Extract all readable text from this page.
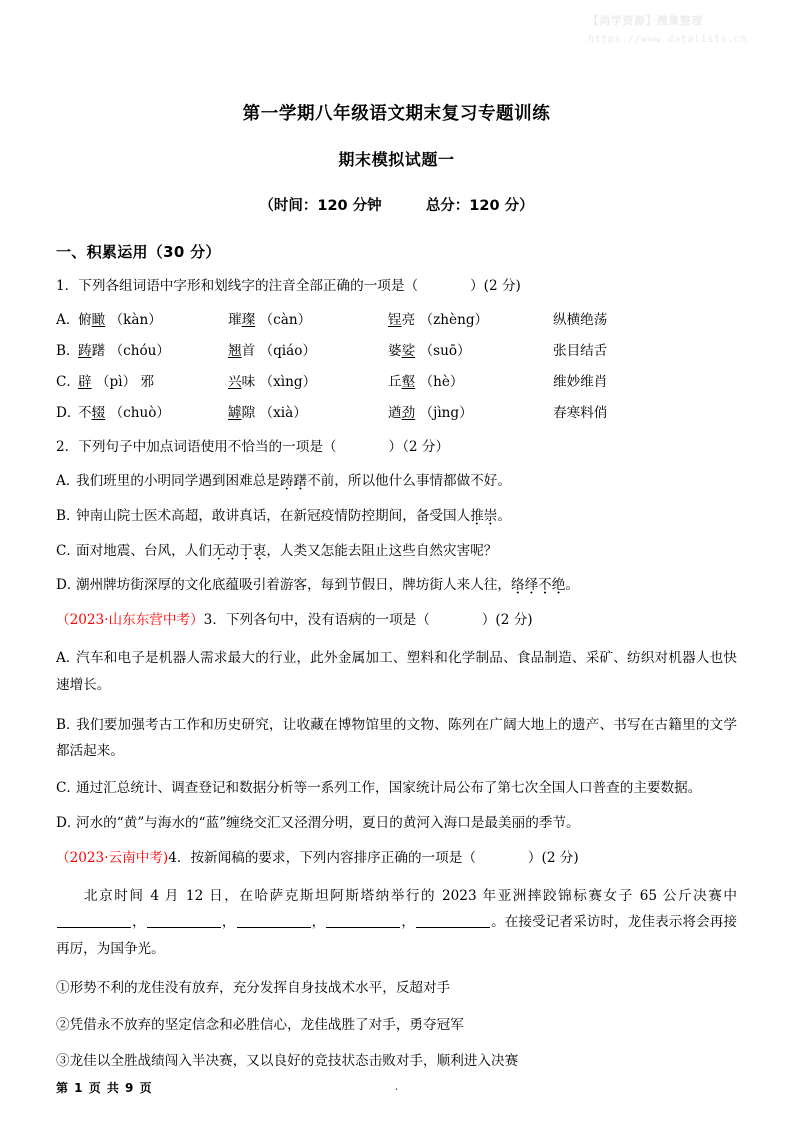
【尚学资源】搜集整理
https://www.datalists.cn
第一学期八年级语文期末复习专题训练
期末模拟试题一

（时间：120 分钟	总分：120 分）

一、积累运用（30 分）

1．下列各组词语中字形和划线字的注音全部正确的一项是（	）(2 分)

A．
俯瞰 （kàn）	璀璨 （càn）	锃亮 （zhèng）	纵横绝荡
B．
踌躇 （chóu）	翘首 （qiáo）	婆娑 （suō）	张目结舌
C．
辟 （pì） 邪	兴味 （xìng）	丘壑 （hè）	维妙维肖
D．
不辍 （chuò）	罅隙 （xià）	遒劲 （jìng）	春寒料俏

2．下列句子中加点词语使用不恰当的一项是（	）（2 分）

A．我们班里的小明同学遇到困难总是踌躇不前，所以他什么事情都做不好。

B．钟南山院士医术高超，敢讲真话，在新冠疫情防控期间，备受国人推崇。

C．面对地震、台风，人们无动于衷，人类又怎能去阻止这些自然灾害呢？

D．潮州牌坊街深厚的文化底蕴吸引着游客，每到节假日，牌坊街人来人往，络绎不绝。

（2023·山东东营中考）3．下列各句中，没有语病的一项是（	）(2 分)

A．汽车和电子是机器人需求最大的行业，此外金属加工、塑料和化学制品、食品制造、采矿、纺织对机器人也快速增长。

B．我们要加强考古工作和历史研究，让收藏在博物馆里的文物、陈列在广阔大地上的遗产、书写在古籍里的文学都活起来。

C．通过汇总统计、调查登记和数据分析等一系列工作，国家统计局公布了第七次全国人口普查的主要数据。

D．河水的“黄”与海水的“蓝”缠绕交汇又泾渭分明，夏日的黄河入海口是最美丽的季节。

（2023·云南中考)4．按新闻稿的要求，下列内容排序正确的一项是（	）(2 分)

北京时间 4 月 12 日，在哈萨克斯坦阿斯塔纳举行的 2023 年亚洲摔跤锦标赛女子 65 公斤决赛中，	，	，	，	。在接受记者采访时，龙佳表示将会再接再厉，为国争光。

①形势不利的龙佳没有放弃，充分发挥自身技战术水平，反超对手

②凭借永不放弃的坚定信念和必胜信心，龙佳战胜了对手，勇夺冠军

③龙佳以全胜战绩闯入半决赛，又以良好的竞技状态击败对手，顺利进入决赛

第 1 页 共 9 页	.
